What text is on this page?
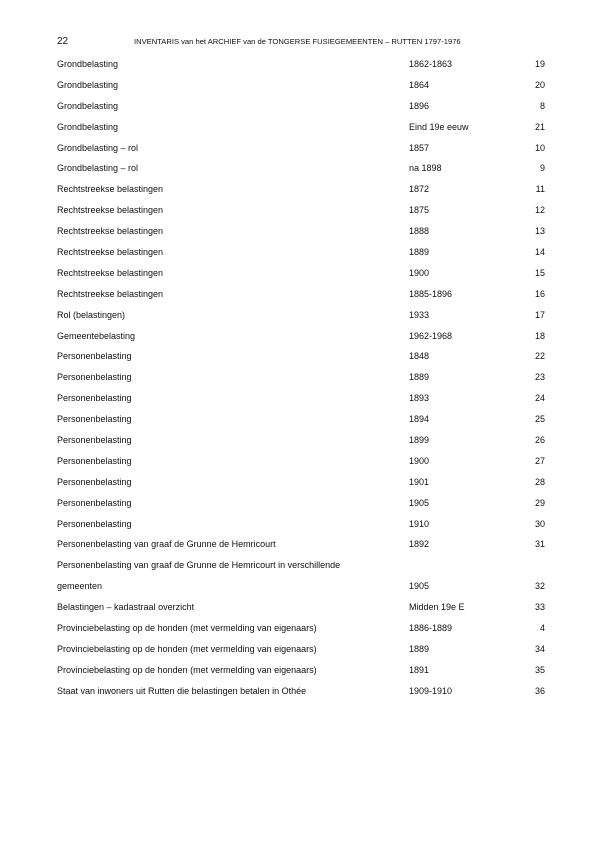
22	INVENTARIS van het ARCHIEF van de TONGERSE FUSIEGEMEENTEN – RUTTEN 1797-1976
Grondbelasting	1862-1863	19
Grondbelasting	1864	20
Grondbelasting	1896	8
Grondbelasting	Eind 19e eeuw	21
Grondbelasting – rol	1857	10
Grondbelasting – rol	na 1898	9
Rechtstreekse belastingen	1872	11
Rechtstreekse belastingen	1875	12
Rechtstreekse belastingen	1888	13
Rechtstreekse belastingen	1889	14
Rechtstreekse belastingen	1900	15
Rechtstreekse belastingen	1885-1896	16
Rol (belastingen)	1933	17
Gemeentebelasting	1962-1968	18
Personenbelasting	1848	22
Personenbelasting	1889	23
Personenbelasting	1893	24
Personenbelasting	1894	25
Personenbelasting	1899	26
Personenbelasting	1900	27
Personenbelasting	1901	28
Personenbelasting	1905	29
Personenbelasting	1910	30
Personenbelasting van graaf de Grunne de Hemricourt	1892	31
Personenbelasting van graaf de Grunne de Hemricourt in verschillende
gemeenten	1905	32
Belastingen – kadastraal overzicht	Midden 19e E	33
Provinciebelasting op de honden (met vermelding van eigenaars)	1886-1889	4
Provinciebelasting op de honden (met vermelding van eigenaars)	1889	34
Provinciebelasting op de honden (met vermelding van eigenaars)	1891	35
Staat van inwoners uit Rutten die belastingen betalen in Othée	1909-1910	36
